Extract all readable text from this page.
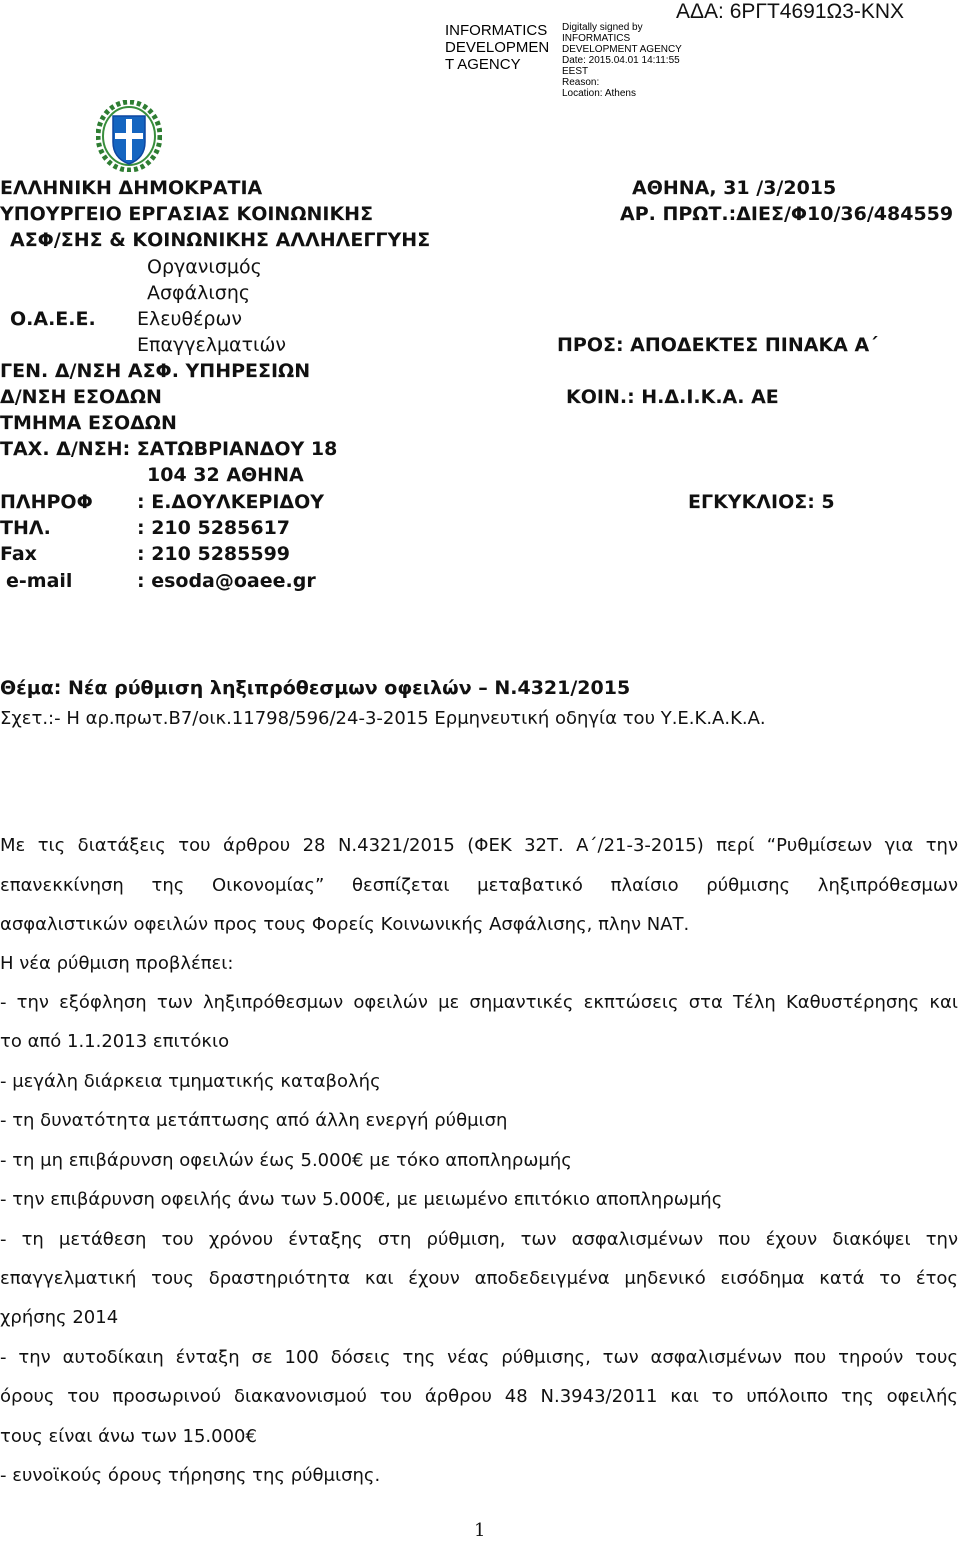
ΑΔΑ: 6ΡΓΤ4691Ω3-ΚΝΧ
INFORMATICS
DEVELOPMEN
T AGENCY
Digitally signed by
INFORMATICS
DEVELOPMENT AGENCY
Date: 2015.04.01 14:11:55
EEST
Reason:
Location: Athens
ΕΛΛΗΝΙΚΗ ΔΗΜΟΚΡΑΤΙΑ
ΥΠΟΥΡΓΕΙΟ ΕΡΓΑΣΙΑΣ ΚΟΙΝΩΝΙΚΗΣ
ΑΣΦ/ΣΗΣ & ΚΟΙΝΩΝΙΚΗΣ ΑΛΛΗΛΕΓΓΥΗΣ
Οργανισμός
Ασφάλισης
Ο.Α.Ε.Ε. Ελευθέρων
Επαγγελματιών
ΓΕΝ. Δ/ΝΣΗ ΑΣΦ. ΥΠΗΡΕΣΙΩΝ
Δ/ΝΣΗ ΕΣΟΔΩΝ
ΤΜΗΜΑ ΕΣΟΔΩΝ
ΤΑΧ. Δ/ΝΣΗ: ΣΑΤΩΒΡΙΑΝΔΟΥ 18
104 32 ΑΘΗΝΑ
ΠΛΗΡΟΦ : Ε.ΔΟΥΛΚΕΡΙΔΟΥ
ΤΗΛ.	: 210 5285617
Fax	: 210 5285599
e-mail	: esoda@oaee.gr
ΑΘΗΝΑ, 31 /3/2015
ΑΡ. ΠΡΩΤ.:ΔΙΕΣ/Φ10/36/484559
ΠΡΟΣ: ΑΠΟΔΕΚΤΕΣ ΠΙΝΑΚΑ Α΄
ΚΟΙΝ.: Η.Δ.Ι.Κ.Α. ΑΕ
ΕΓΚΥΚΛΙΟΣ: 5
Θέμα: Νέα ρύθμιση ληξιπρόθεσμων οφειλών – Ν.4321/2015
Σχετ.:- Η αρ.πρωτ.Β7/οικ.11798/596/24-3-2015 Ερμηνευτική οδηγία του Υ.Ε.Κ.Α.Κ.Α.
Με τις διατάξεις του άρθρου 28 Ν.4321/2015 (ΦΕΚ 32Τ. Α΄/21-3-2015) περί “Ρυθμίσεων για την
επανεκκίνηση της Οικονομίας” θεσπίζεται μεταβατικό πλαίσιο ρύθμισης ληξιπρόθεσμων
ασφαλιστικών οφειλών προς τους Φορείς Κοινωνικής Ασφάλισης, πλην ΝΑΤ.
Η νέα ρύθμιση προβλέπει:
- την εξόφληση των ληξιπρόθεσμων οφειλών με σημαντικές εκπτώσεις στα Τέλη Καθυστέρησης και
το από 1.1.2013 επιτόκιο
- μεγάλη διάρκεια τμηματικής καταβολής
- τη δυνατότητα μετάπτωσης από άλλη ενεργή ρύθμιση
- τη μη επιβάρυνση οφειλών έως 5.000€ με τόκο αποπληρωμής
- την επιβάρυνση οφειλής άνω των 5.000€, με μειωμένο επιτόκιο αποπληρωμής
- τη μετάθεση του χρόνου ένταξης στη ρύθμιση, των ασφαλισμένων που έχουν διακόψει την
επαγγελματική τους δραστηριότητα και έχουν αποδεδειγμένα μηδενικό εισόδημα κατά το έτος
χρήσης 2014
- την αυτοδίκαιη ένταξη σε 100 δόσεις της νέας ρύθμισης, των ασφαλισμένων που τηρούν τους
όρους του προσωρινού διακανονισμού του άρθρου 48 Ν.3943/2011 και το υπόλοιπο της οφειλής
τους είναι άνω των 15.000€
- ευνοϊκούς όρους τήρησης της ρύθμισης.
1
